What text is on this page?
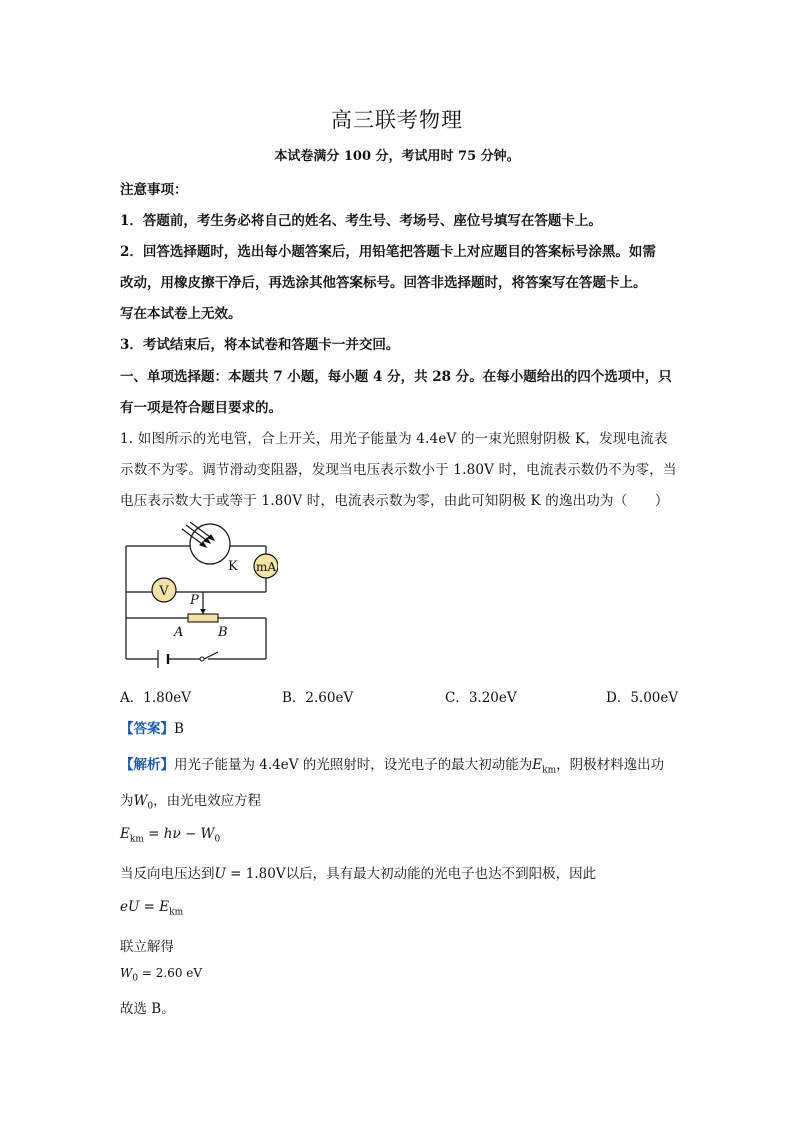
高三联考物理
本试卷满分 100 分，考试用时 75 分钟。
注意事项：
1．答题前，考生务必将自己的姓名、考生号、考场号、座位号填写在答题卡上。
2．回答选择题时，选出每小题答案后，用铅笔把答题卡上对应题目的答案标号涂黑。如需
改动，用橡皮擦干净后，再选涂其他答案标号。回答非选择题时，将答案写在答题卡上。
写在本试卷上无效。
3．考试结束后，将本试卷和答题卡一并交回。
一、单项选择题：本题共 7 小题，每小题 4 分，共 28 分。在每小题给出的四个选项中，只
有一项是符合题目要求的。
1. 如图所示的光电管，合上开关，用光子能量为 4.4eV 的一束光照射阴极 K，发现电流表
示数不为零。调节滑动变阻器，发现当电压表示数小于 1.80V 时，电流表示数仍不为零，当
电压表示数大于或等于 1.80V 时，电流表示数为零，由此可知阴极 K 的逸出功为（　　）
mA
K
V
P
A	B
A．1.80eV	B．2.60eV	C．3.20eV	D．5.00eV
【答案】B
【解析】用光子能量为 4.4eV 的光照射时，设光电子的最大初动能为$E_{km}$，阴极材料逸出功
为$W_0$，由光电效应方程
$E_{km} = h\nu - W_0$
当反向电压达到U = 1.80V以后，具有最大初动能的光电子也达不到阳极，因此
eU = $E_{km}$
联立解得
$W_0 = 2.60$ eV
故选 B。
